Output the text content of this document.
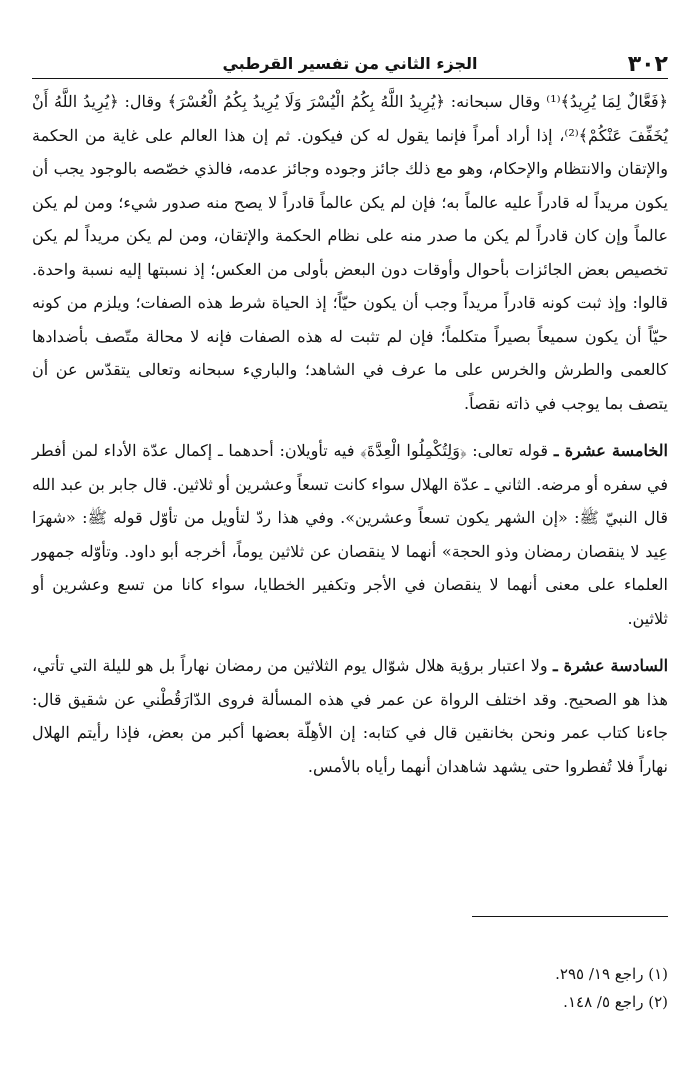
٣٠٢
الجزء الثاني من تفسير القرطبي

﴿فَعَّالٌ لِمَا يُرِيدُ﴾⁽¹⁾ وقال سبحانه: ﴿يُرِيدُ اللَّهُ بِكُمُ الْيُسْرَ وَلَا يُرِيدُ بِكُمُ الْعُسْرَ﴾ وقال: ﴿يُرِيدُ اللَّهُ أَنْ يُخَفِّفَ عَنْكُمْ﴾⁽²⁾، إذا أراد أمراً فإنما يقول له كن فيكون. ثم إن هذا العالم على غاية من الحكمة والإتقان والانتظام والإحكام، وهو مع ذلك جائز وجوده وجائز عدمه، فالذي خصّصه بالوجود يجب أن يكون مريداً له قادراً عليه عالماً به؛ فإن لم يكن عالماً قادراً لا يصح منه صدور شيء؛ ومن لم يكن عالماً وإن كان قادراً لم يكن ما صدر منه على نظام الحكمة والإتقان، ومن لم يكن مريداً لم يكن تخصيص بعض الجائزات بأحوال وأوقات دون البعض بأولى من العكس؛ إذ نسبتها إليه نسبة واحدة. قالوا: وإذ ثبت كونه قادراً مريداً وجب أن يكون حيّاً؛ إذ الحياة شرط هذه الصفات؛ ويلزم من كونه حيّاً أن يكون سميعاً بصيراً متكلماً؛ فإن لم تثبت له هذه الصفات فإنه لا محالة متّصف بأضدادها كالعمى والطرش والخرس على ما عرف في الشاهد؛ والباريء سبحانه وتعالى يتقدّس عن أن يتصف بما يوجب في ذاته نقصاً.

الخامسة عشرة ـ قوله تعالى: ﴿وَلِتُكْمِلُوا الْعِدَّةَ﴾ فيه تأويلان: أحدهما ـ إكمال عدّة الأداء لمن أفطر في سفره أو مرضه. الثاني ـ عدّة الهلال سواء كانت تسعاً وعشرين أو ثلاثين. قال جابر بن عبد الله قال النبيّ ﷺ: «إن الشهر يكون تسعاً وعشرين». وفي هذا ردّ لتأويل من تأوّل قوله ﷺ: «شهرَا عِيد لا ينقصان رمضان وذو الحجة» أنهما لا ينقصان عن ثلاثين يوماً، أخرجه أبو داود. وتأوّله جمهور العلماء على معنى أنهما لا ينقصان في الأجر وتكفير الخطايا، سواء كانا من تسع وعشرين أو ثلاثين.

السادسة عشرة ـ ولا اعتبار برؤية هلال شوّال يوم الثلاثين من رمضان نهاراً بل هو لليلة التي تأتي، هذا هو الصحيح. وقد اختلف الرواة عن عمر في هذه المسألة فروى الدّارَقُطْني عن شقيق قال: جاءنا كتاب عمر ونحن بخانقين قال في كتابه: إن الأهِلّة بعضها أكبر من بعض، فإذا رأيتم الهلال نهاراً فلا تُفطروا حتى يشهد شاهدان أنهما رأياه بالأمس.

(١) راجع ١٩/ ٢٩٥.

(٢) راجع ٥/ ١٤٨.
